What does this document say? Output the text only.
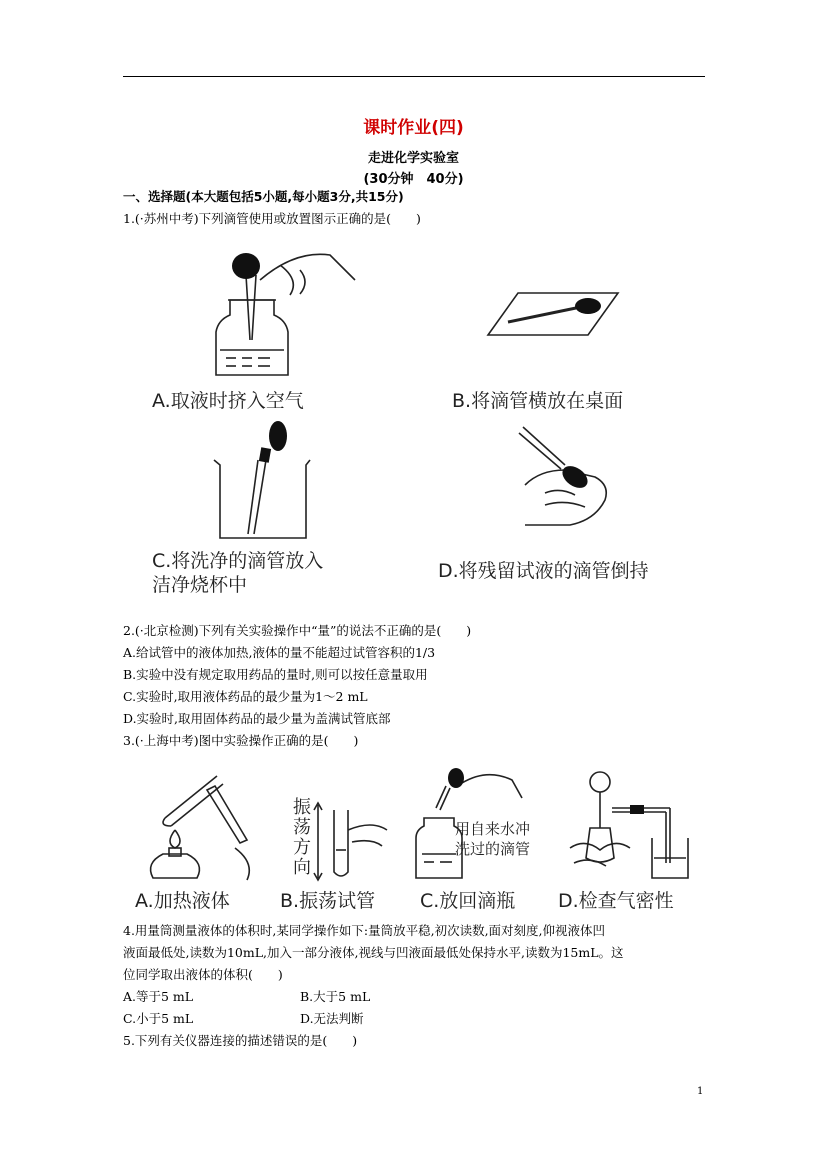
课时作业(四)
走进化学实验室
(30分钟　40分)
一、选择题(本大题包括5小题,每小题3分,共15分)
1.(·苏州中考)下列滴管使用或放置图示正确的是(　　)
A.取液时挤入空气	B.将滴管横放在桌面
C.将洗净的滴管放入
洁净烧杯中
D.将残留试液的滴管倒持
2.(·北京检测)下列有关实验操作中“量”的说法不正确的是(　　)
A.给试管中的液体加热,液体的量不能超过试管容积的1/3
B.实验中没有规定取用药品的量时,则可以按任意量取用
C.实验时,取用液体药品的最少量为1～2 mL
D.实验时,取用固体药品的最少量为盖满试管底部
3.(·上海中考)图中实验操作正确的是(　　)
振
荡
方
向
用自来水冲
洗过的滴管
A.加热液体	B.振荡试管 C.放回滴瓶 D.检查气密性
4.用量筒测量液体的体积时,某同学操作如下:量筒放平稳,初次读数,面对刻度,仰视液体凹
液面最低处,读数为10mL,加入一部分液体,视线与凹液面最低处保持水平,读数为15mL。这
位同学取出液体的体积(　　)
A.等于5 mL	B.大于5 mL
C.小于5 mL	D.无法判断
5.下列有关仪器连接的描述错误的是(　　)
1
